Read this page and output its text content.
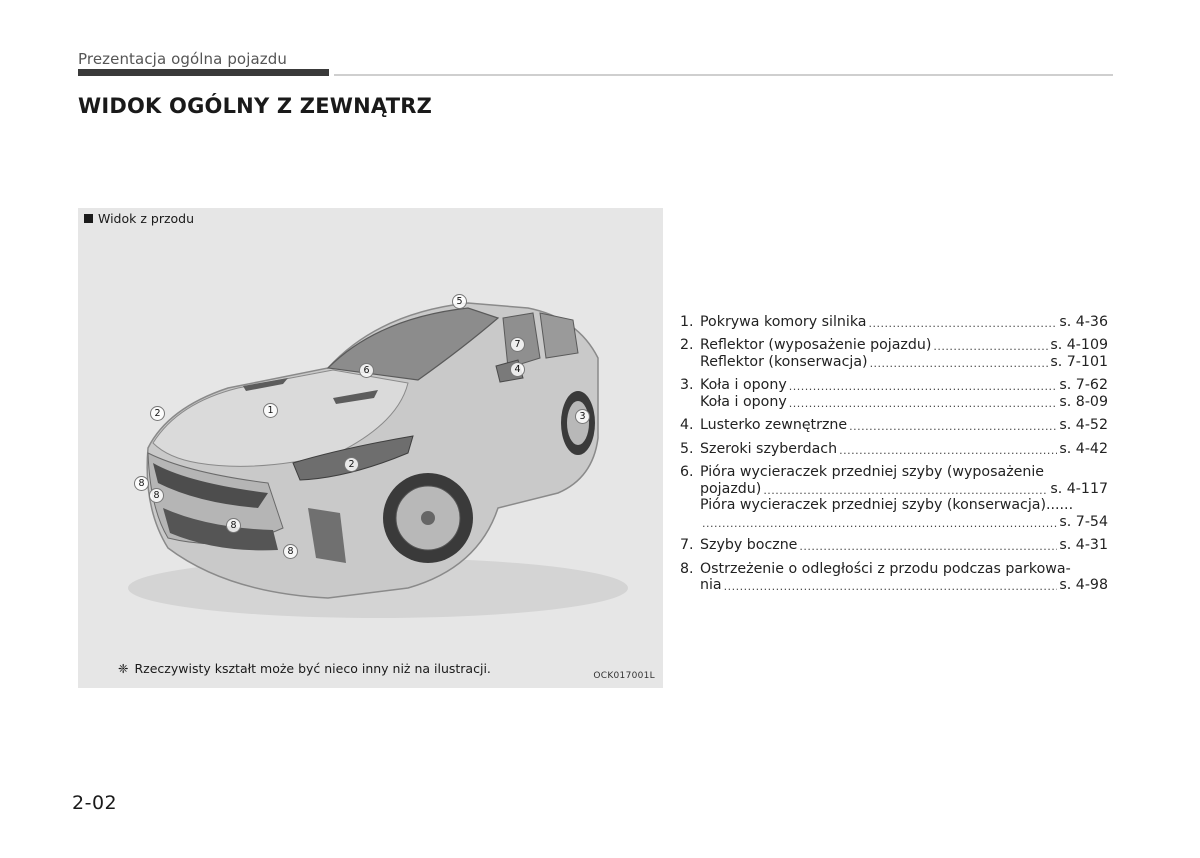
Prezentacja ogólna pojazdu
WIDOK OGÓLNY Z ZEWNĄTRZ
Widok z przodu
5
7
6	4
2	1
3
2
8
8
8
8
❈ Rzeczywisty kształt może być nieco inny niż na ilustracji.	OCK017001L
1. Pokrywa komory silnika .....	s. 4-36
2. Reflektor (wyposażenie pojazdu) .....	s. 4-109
Reflektor (konserwacja) .....	s. 7-101
3. Koła i opony .....	s. 7-62
Koła i opony .....	s. 8-09
4. Lusterko zewnętrzne .....	s. 4-52
5. Szeroki szyberdach .....	s. 4-42
6. Pióra wycieraczek przedniej szyby (wyposażenie
pojazdu) .....	s. 4-117
Pióra wycieraczek przedniej szyby (konserwacja)......
.....
s. 7-54
7. Szyby boczne .....	s. 4-31
8. Ostrzeżenie o odległości z przodu podczas parkowa-
nia .....	s. 4-98
2-02
